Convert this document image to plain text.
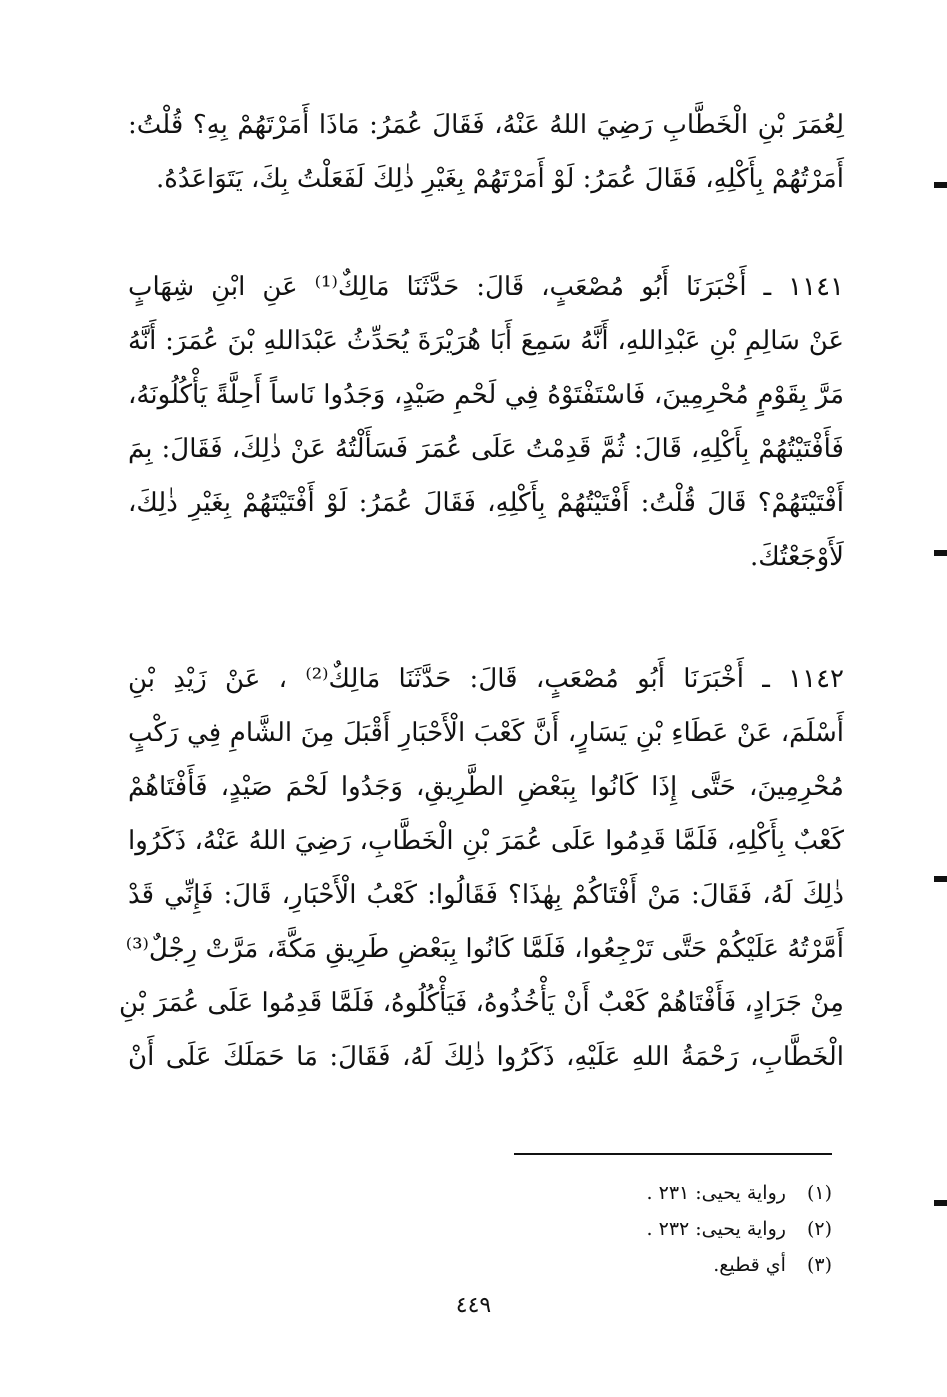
لِعُمَرَ بْنِ الْخَطَّابِ رَضِيَ اللهُ عَنْهُ، فَقَالَ عُمَرُ: مَاذَا أَمَرْتَهُمْ بِهِ؟ قُلْتُ:
أَمَرْتُهُمْ بِأَكْلِهِ، فَقَالَ عُمَرُ: لَوْ أَمَرْتَهُمْ بِغَيْرِ ذٰلِكَ لَفَعَلْتُ بِكَ، يَتَوَاعَدُهُ.
١١٤١ ـ أَخْبَرَنَا أَبُو مُصْعَبٍ، قَالَ: حَدَّثَنَا مَالِكٌ⁽¹⁾ عَنِ ابْنِ شِهَابٍ
عَنْ سَالِمِ بْنِ عَبْدِاللهِ، أَنَّهُ سَمِعَ أَبَا هُرَيْرَةَ يُحَدِّثُ عَبْدَاللهِ بْنَ عُمَرَ: أَنَّهُ
مَرَّ بِقَوْمٍ مُحْرِمِينَ، فَاسْتَفْتَوْهُ فِي لَحْمِ صَيْدٍ، وَجَدُوا نَاساً أَحِلَّةً يَأْكُلُونَهُ،
فَأَفْتَيْتُهُمْ بِأَكْلِهِ، قَالَ: ثُمَّ قَدِمْتُ عَلَى عُمَرَ فَسَأَلْتُهُ عَنْ ذٰلِكَ، فَقَالَ: بِمَ
أَفْتَيْتَهُمْ؟ قَالَ قُلْتُ: أَفْتَيْتُهُمْ بِأَكْلِهِ، فَقَالَ عُمَرُ: لَوْ أَفْتَيْتَهُمْ بِغَيْرِ ذٰلِكَ،
لَأَوْجَعْتُكَ.
١١٤٢ ـ أَخْبَرَنَا أَبُو مُصْعَبٍ، قَالَ: حَدَّثَنَا مَالِكٌ⁽²⁾ ، عَنْ زَيْدِ بْنِ
أَسْلَمَ، عَنْ عَطَاءِ بْنِ يَسَارٍ، أَنَّ كَعْبَ الْأَحْبَارِ أَقْبَلَ مِنَ الشَّامِ فِي رَكْبٍ
مُحْرِمِينَ، حَتَّى إِذَا كَانُوا بِبَعْضِ الطَّرِيقِ، وَجَدُوا لَحْمَ صَيْدٍ، فَأَفْتَاهُمْ
كَعْبٌ بِأَكْلِهِ، فَلَمَّا قَدِمُوا عَلَى عُمَرَ بْنِ الْخَطَّابِ، رَضِيَ اللهُ عَنْهُ، ذَكَرُوا
ذٰلِكَ لَهُ، فَقَالَ: مَنْ أَفْتَاكُمْ بِهٰذَا؟ فَقَالُوا: كَعْبُ الْأَحْبَارِ، قَالَ: فَإِنِّي قَدْ
أَمَّرْتُهُ عَلَيْكُمْ حَتَّى تَرْجِعُوا، فَلَمَّا كَانُوا بِبَعْضِ طَرِيقِ مَكَّةَ، مَرَّتْ رِجْلٌ⁽³⁾
مِنْ جَرَادٍ، فَأَفْتَاهُمْ كَعْبٌ أَنْ يَأْخُذُوهُ، فَيَأْكُلُوهُ، فَلَمَّا قَدِمُوا عَلَى عُمَرَ بْنِ
الْخَطَّابِ، رَحْمَةُ اللهِ عَلَيْهِ، ذَكَرُوا ذٰلِكَ لَهُ، فَقَالَ: مَا حَمَلَكَ عَلَى أَنْ
(١) رواية يحيى: ٢٣١ .
(٢) رواية يحيى: ٢٣٢ .
(٣) أي قطيع.
٤٤٩
